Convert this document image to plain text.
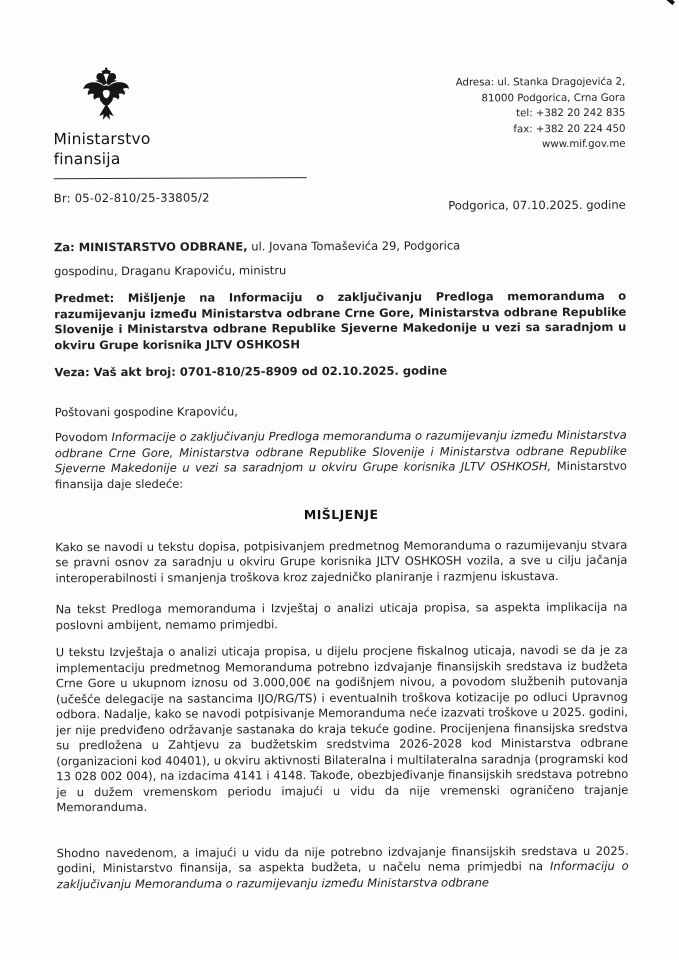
Ministarstvo
finansija
Adresa: ul. Stanka Dragojevića 2,
81000 Podgorica, Crna Gora
tel: +382 20 242 835
fax: +382 20 224 450
www.mif.gov.me
Br: 05-02-810/25-33805/2	Podgorica, 07.10.2025. godine

Za: MINISTARSTVO ODBRANE, ul. Jovana Tomaševića 29, Podgorica

gospodinu, Draganu Krapoviću, ministru

Predmet: Mišljenje na Informaciju o zaključivanju Predloga memoranduma o razumijevanju između Ministarstva odbrane Crne Gore, Ministarstva odbrane Republike Slovenije i Ministarstva odbrane Republike Sjeverne Makedonije u vezi sa saradnjom u okviru Grupe korisnika JLTV OSHKOSH

Veza: Vaš akt broj: 0701-810/25-8909 od 02.10.2025. godine

Poštovani gospodine Krapoviću,

Povodom Informacije o zaključivanju Predloga memoranduma o razumijevanju između Ministarstva odbrane Crne Gore, Ministarstva odbrane Republike Slovenije i Ministarstva odbrane Republike Sjeverne Makedonije u vezi sa saradnjom u okviru Grupe korisnika JLTV OSHKOSH, Ministarstvo finansija daje sledeće:

MIŠLJENJE

Kako se navodi u tekstu dopisa, potpisivanjem predmetnog Memoranduma o razumijevanju stvara se pravni osnov za saradnju u okviru Grupe korisnika JLTV OSHKOSH vozila, a sve u cilju jačanja interoperabilnosti i smanjenja troškova kroz zajedničko planiranje i razmjenu iskustava.

Na tekst Predloga memoranduma i Izvještaj o analizi uticaja propisa, sa aspekta implikacija na poslovni ambijent, nemamo primjedbi.

U tekstu Izvještaja o analizi uticaja propisa, u dijelu procjene fiskalnog uticaja, navodi se da je za implementaciju predmetnog Memoranduma potrebno izdvajanje finansijskih sredstava iz budžeta Crne Gore u ukupnom iznosu od 3.000,00€ na godišnjem nivou, a povodom službenih putovanja (učešće delegacije na sastancima IJO/RG/TS) i eventualnih troškova kotizacije po odluci Upravnog odbora. Nadalje, kako se navodi potpisivanje Memoranduma neće izazvati troškove u 2025. godini, jer nije predviđeno održavanje sastanaka do kraja tekuće godine. Procijenjena finansijska sredstva su predložena u Zahtjevu za budžetskim sredstvima 2026-2028 kod Ministarstva odbrane (organizacioni kod 40401), u okviru aktivnosti Bilateralna i multilateralna saradnja (programski kod 13 028 002 004), na izdacima 4141 i 4148. Takođe, obezbjeđivanje finansijskih sredstava potrebno je u dužem vremenskom periodu imajući u vidu da nije vremenski ograničeno trajanje Memoranduma.

Shodno navedenom, a imajući u vidu da nije potrebno izdvajanje finansijskih sredstava u 2025. godini, Ministarstvo finansija, sa aspekta budžeta, u načelu nema primjedbi na Informaciju o zaključivanju Memoranduma o razumijevanju između Ministarstva odbrane
